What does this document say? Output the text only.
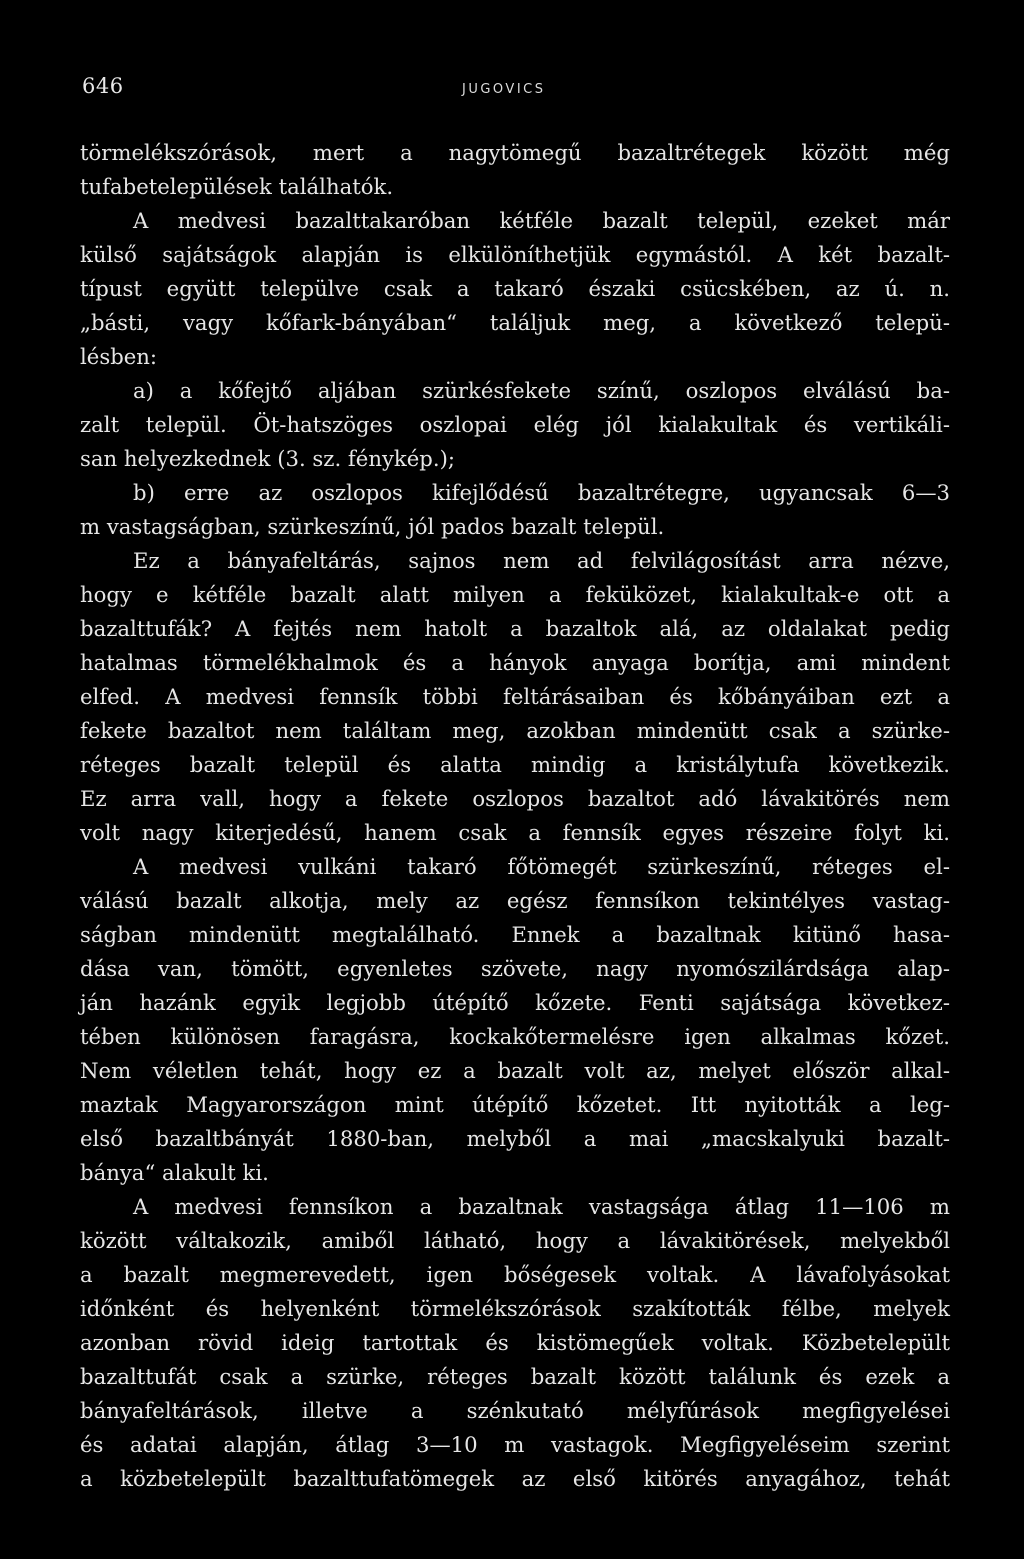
646	JUGOVICS
törmelékszórások, mert a nagytömegű bazaltrétegek között még
tufabetelepülések találhatók.
A medvesi bazalttakaróban kétféle bazalt települ, ezeket már
külső sajátságok alapján is elkülöníthetjük egymástól. A két bazalt-
típust együtt települve csak a takaró északi csücskében, az ú. n.
„básti, vagy kőfark-bányában“ találjuk meg, a következő telepü-
lésben:
a) a kőfejtő aljában szürkésfekete színű, oszlopos elválású ba-
zalt települ. Öt-hatszöges oszlopai elég jól kialakultak és vertikáli-
san helyezkednek (3. sz. fénykép.);
b) erre az oszlopos kifejlődésű bazaltrétegre, ugyancsak 6—3
m vastagságban, szürkeszínű, jól pados bazalt települ.
Ez a bányafeltárás, sajnos nem ad felvilágosítást arra nézve,
hogy e kétféle bazalt alatt milyen a feküközet, kialakultak-e ott a
bazalttufák? A fejtés nem hatolt a bazaltok alá, az oldalakat pedig
hatalmas törmelékhalmok és a hányok anyaga borítja, ami mindent
elfed. A medvesi fennsík többi feltárásaiban és kőbányáiban ezt a
fekete bazaltot nem találtam meg, azokban mindenütt csak a szürke-
réteges bazalt települ és alatta mindig a kristálytufa következik.
Ez arra vall, hogy a fekete oszlopos bazaltot adó lávakitörés nem
volt nagy kiterjedésű, hanem csak a fennsík egyes részeire folyt ki.
A medvesi vulkáni takaró főtömegét szürkeszínű, réteges el-
válású bazalt alkotja, mely az egész fennsíkon tekintélyes vastag-
ságban mindenütt megtalálható. Ennek a bazaltnak kitünő hasa-
dása van, tömött, egyenletes szövete, nagy nyomószilárdsága alap-
ján hazánk egyik legjobb útépítő kőzete. Fenti sajátsága következ-
tében különösen faragásra, kockakőtermelésre igen alkalmas kőzet.
Nem véletlen tehát, hogy ez a bazalt volt az, melyet először alkal-
maztak Magyarországon mint útépítő kőzetet. Itt nyitották a leg-
első bazaltbányát 1880-ban, melyből a mai „macskalyuki bazalt-
bánya“ alakult ki.
A medvesi fennsíkon a bazaltnak vastagsága átlag 11—106 m
között váltakozik, amiből látható, hogy a lávakitörések, melyekből
a bazalt megmerevedett, igen bőségesek voltak. A lávafolyásokat
időnként és helyenként törmelékszórások szakították félbe, melyek
azonban rövid ideig tartottak és kistömegűek voltak. Közbetelepült
bazalttufát csak a szürke, réteges bazalt között találunk és ezek a
bányafeltárások, illetve a szénkutató mélyfúrások megfigyelései
és adatai alapján, átlag 3—10 m vastagok. Megfigyeléseim szerint
a közbetelepült bazalttufatömegek az első kitörés anyagához, tehát
